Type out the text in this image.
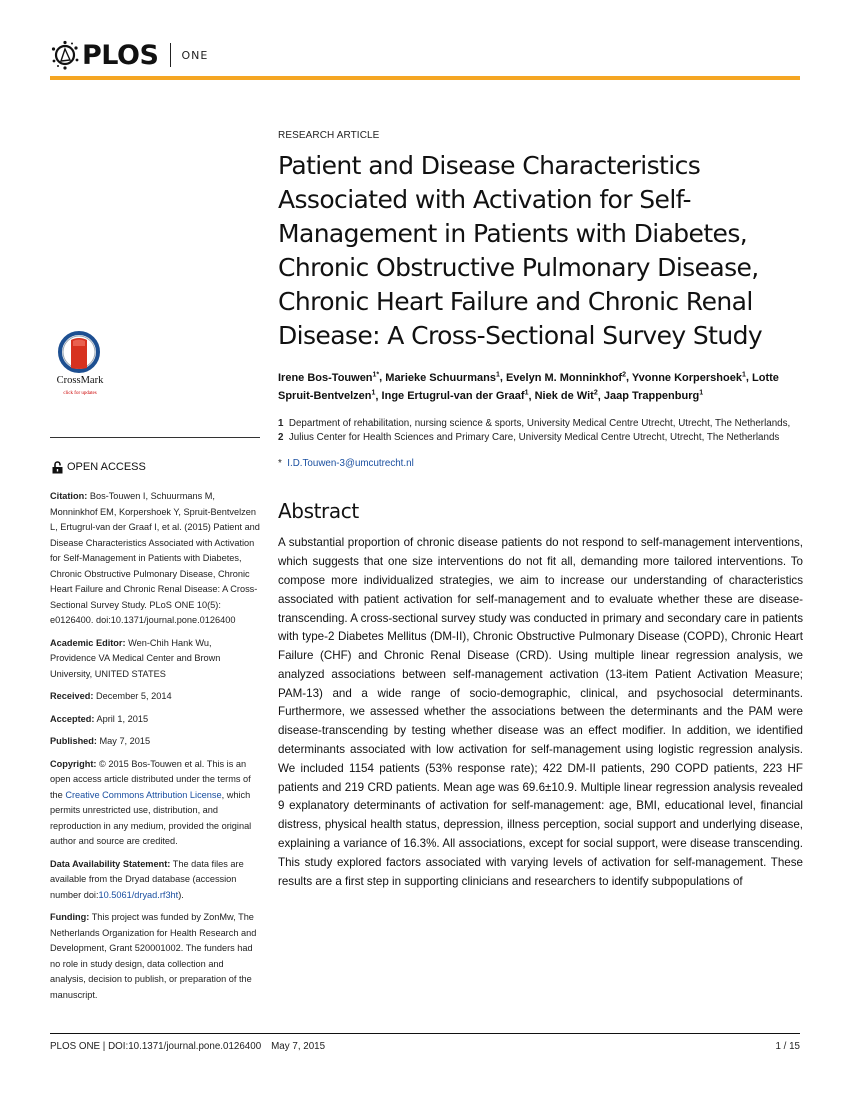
PLOS ONE
CrossMark
click for updates
OPEN ACCESS

Citation: Bos-Touwen I, Schuurmans M, Monninkhof EM, Korpershoek Y, Spruit-Bentvelzen L, Ertugrul-van der Graaf I, et al. (2015) Patient and Disease Characteristics Associated with Activation for Self-Management in Patients with Diabetes, Chronic Obstructive Pulmonary Disease, Chronic Heart Failure and Chronic Renal Disease: A Cross-Sectional Survey Study. PLoS ONE 10(5): e0126400. doi:10.1371/journal.pone.0126400

Academic Editor: Wen-Chih Hank Wu, Providence VA Medical Center and Brown University, UNITED STATES

Received: December 5, 2014

Accepted: April 1, 2015

Published: May 7, 2015

Copyright: © 2015 Bos-Touwen et al. This is an open access article distributed under the terms of the Creative Commons Attribution License, which permits unrestricted use, distribution, and reproduction in any medium, provided the original author and source are credited.

Data Availability Statement: The data files are available from the Dryad database (accession number doi:10.5061/dryad.rf3ht).

Funding: This project was funded by ZonMw, The Netherlands Organization for Health Research and Development, Grant 520001002. The funders had no role in study design, data collection and analysis, decision to publish, or preparation of the manuscript.

RESEARCH ARTICLE
Patient and Disease Characteristics Associated with Activation for Self-Management in Patients with Diabetes, Chronic Obstructive Pulmonary Disease, Chronic Heart Failure and Chronic Renal Disease: A Cross-Sectional Survey Study
Irene Bos-Touwen$^{1*}$, Marieke Schuurmans$^1$, Evelyn M. Monninkhof$^2$, Yvonne Korpershoek$^1$, Lotte Spruit-Bentvelzen$^1$, Inge Ertugrul-van der Graaf$^1$, Niek de Wit$^2$, Jaap Trappenburg$^1$
1  Department of rehabilitation, nursing science & sports, University Medical Centre Utrecht, Utrecht, The Netherlands, 2  Julius Center for Health Sciences and Primary Care, University Medical Centre Utrecht, Utrecht, The Netherlands
* I.D.Touwen-3@umcutrecht.nl
Abstract
A substantial proportion of chronic disease patients do not respond to self-management interventions, which suggests that one size interventions do not fit all, demanding more tailored interventions. To compose more individualized strategies, we aim to increase our understanding of characteristics associated with patient activation for self-management and to evaluate whether these are disease-transcending. A cross-sectional survey study was conducted in primary and secondary care in patients with type-2 Diabetes Mellitus (DM-II), Chronic Obstructive Pulmonary Disease (COPD), Chronic Heart Failure (CHF) and Chronic Renal Disease (CRD). Using multiple linear regression analysis, we analyzed associations between self-management activation (13-item Patient Activation Measure; PAM-13) and a wide range of socio-demographic, clinical, and psychosocial determinants. Furthermore, we assessed whether the associations between the determinants and the PAM were disease-transcending by testing whether disease was an effect modifier. In addition, we identified determinants associated with low activation for self-management using logistic regression analysis. We included 1154 patients (53% response rate); 422 DM-II patients, 290 COPD patients, 223 HF patients and 219 CRD patients. Mean age was 69.6±10.9. Multiple linear regression analysis revealed 9 explanatory determinants of activation for self-management: age, BMI, educational level, financial distress, physical health status, depression, illness perception, social support and underlying disease, explaining a variance of 16.3%. All associations, except for social support, were disease transcending. This study explored factors associated with varying levels of activation for self-management. These results are a first step in supporting clinicians and researchers to identify subpopulations of
PLOS ONE | DOI:10.1371/journal.pone.0126400 May 7, 2015	1 / 15
